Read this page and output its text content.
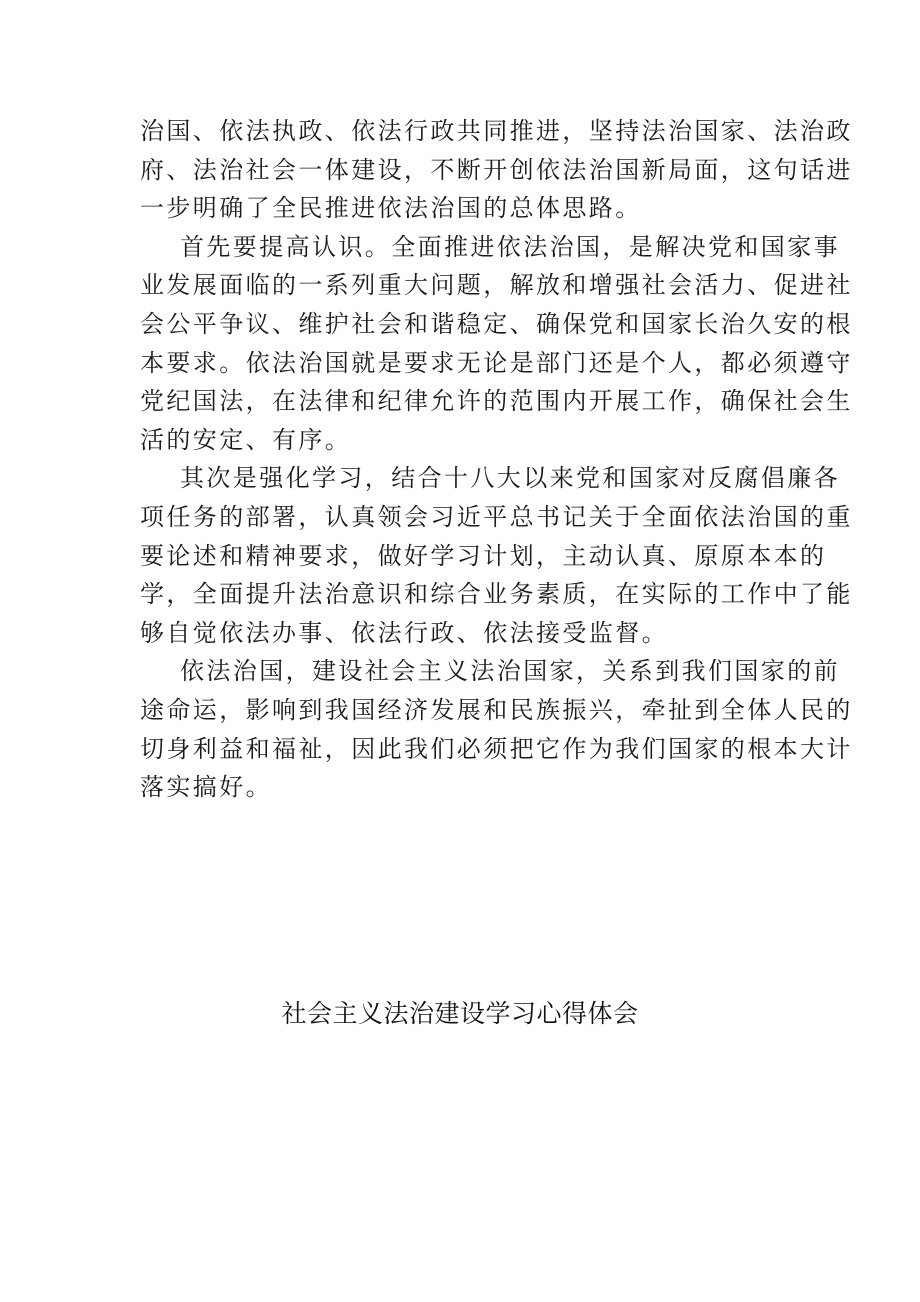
治国、依法执政、依法行政共同推进，坚持法治国家、法治政
府、法治社会一体建设，不断开创依法治国新局面，这句话进
一步明确了全民推进依法治国的总体思路。
首先要提高认识。全面推进依法治国，是解决党和国家事
业发展面临的一系列重大问题，解放和增强社会活力、促进社
会公平争议、维护社会和谐稳定、确保党和国家长治久安的根
本要求。依法治国就是要求无论是部门还是个人，都必须遵守
党纪国法，在法律和纪律允许的范围内开展工作，确保社会生
活的安定、有序。
其次是强化学习，结合十八大以来党和国家对反腐倡廉各
项任务的部署，认真领会习近平总书记关于全面依法治国的重
要论述和精神要求，做好学习计划，主动认真、原原本本的
学，全面提升法治意识和综合业务素质，在实际的工作中了能
够自觉依法办事、依法行政、依法接受监督。
依法治国，建设社会主义法治国家，关系到我们国家的前
途命运，影响到我国经济发展和民族振兴，牵扯到全体人民的
切身利益和福祉，因此我们必须把它作为我们国家的根本大计
落实搞好。
社会主义法治建设学习心得体会
